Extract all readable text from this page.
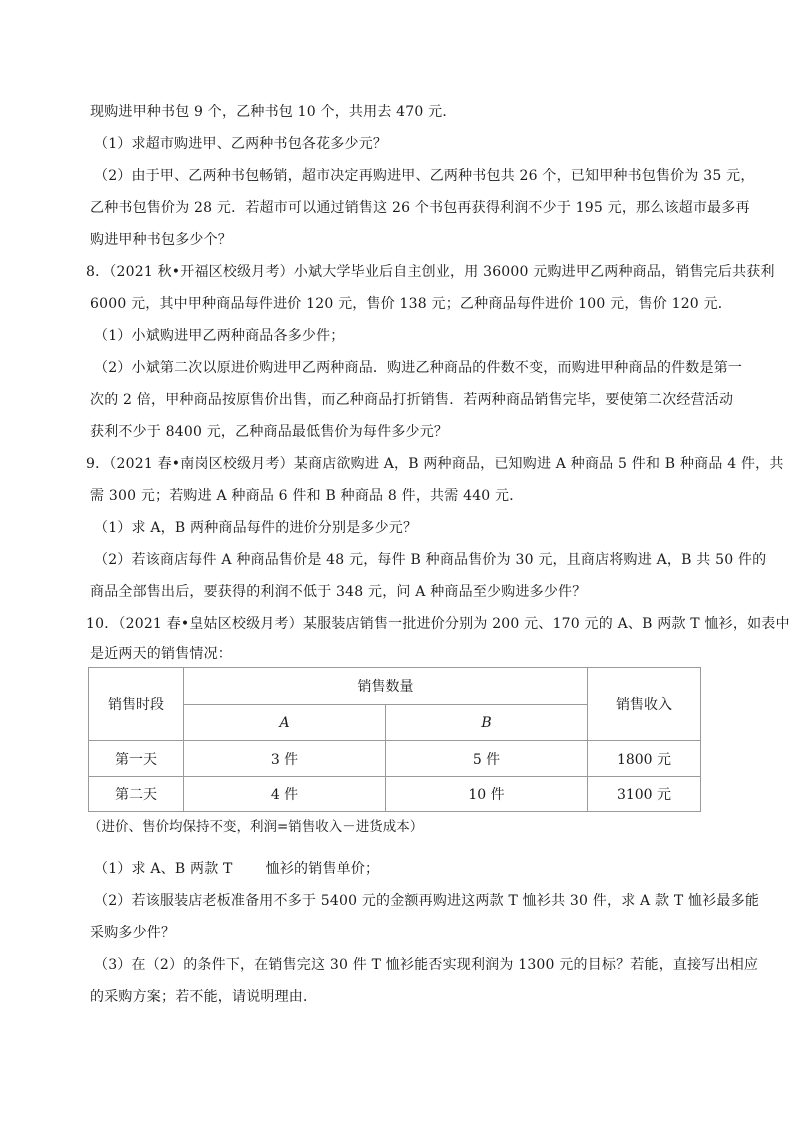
现购进甲种书包 9 个，乙种书包 10 个，共用去 470 元．
（1）求超市购进甲、乙两种书包各花多少元？
（2）由于甲、乙两种书包畅销，超市决定再购进甲、乙两种书包共 26 个，已知甲种书包售价为 35 元，
乙种书包售价为 28 元．若超市可以通过销售这 26 个书包再获得利润不少于 195 元，那么该超市最多再
购进甲种书包多少个？
8．（2021 秋•开福区校级月考）小斌大学毕业后自主创业，用 36000 元购进甲乙两种商品，销售完后共获利
6000 元，其中甲种商品每件进价 120 元，售价 138 元；乙种商品每件进价 100 元，售价 120 元．
（1）小斌购进甲乙两种商品各多少件；
（2）小斌第二次以原进价购进甲乙两种商品．购进乙种商品的件数不变，而购进甲种商品的件数是第一
次的 2 倍，甲种商品按原售价出售，而乙种商品打折销售．若两种商品销售完毕，要使第二次经营活动
获利不少于 8400 元，乙种商品最低售价为每件多少元？
9．（2021 春•南岗区校级月考）某商店欲购进 A，B 两种商品，已知购进 A 种商品 5 件和 B 种商品 4 件，共
需 300 元；若购进 A 种商品 6 件和 B 种商品 8 件，共需 440 元．
（1）求 A，B 两种商品每件的进价分别是多少元？
（2）若该商店每件 A 种商品售价是 48 元，每件 B 种商品售价为 30 元，且商店将购进 A，B 共 50 件的
商品全部售出后，要获得的利润不低于 348 元，问 A 种商品至少购进多少件？
10．（2021 春•皇姑区校级月考）某服装店销售一批进价分别为 200 元、170 元的 A、B 两款 T 恤衫，如表中
是近两天的销售情况：
销售时段	销售数量		销售收入
	A	B	
第一天	3 件	5 件	1800 元
第二天	4 件	10 件	3100 元
（进价、售价均保持不变，利润=销售收入－进货成本）
（1）求 A、B 两款 T 　　恤衫的销售单价；
（2）若该服装店老板准备用不多于 5400 元的金额再购进这两款 T 恤衫共 30 件，求 A 款 T 恤衫最多能
采购多少件？
（3）在（2）的条件下，在销售完这 30 件 T 恤衫能否实现利润为 1300 元的目标？若能，直接写出相应
的采购方案；若不能，请说明理由．
